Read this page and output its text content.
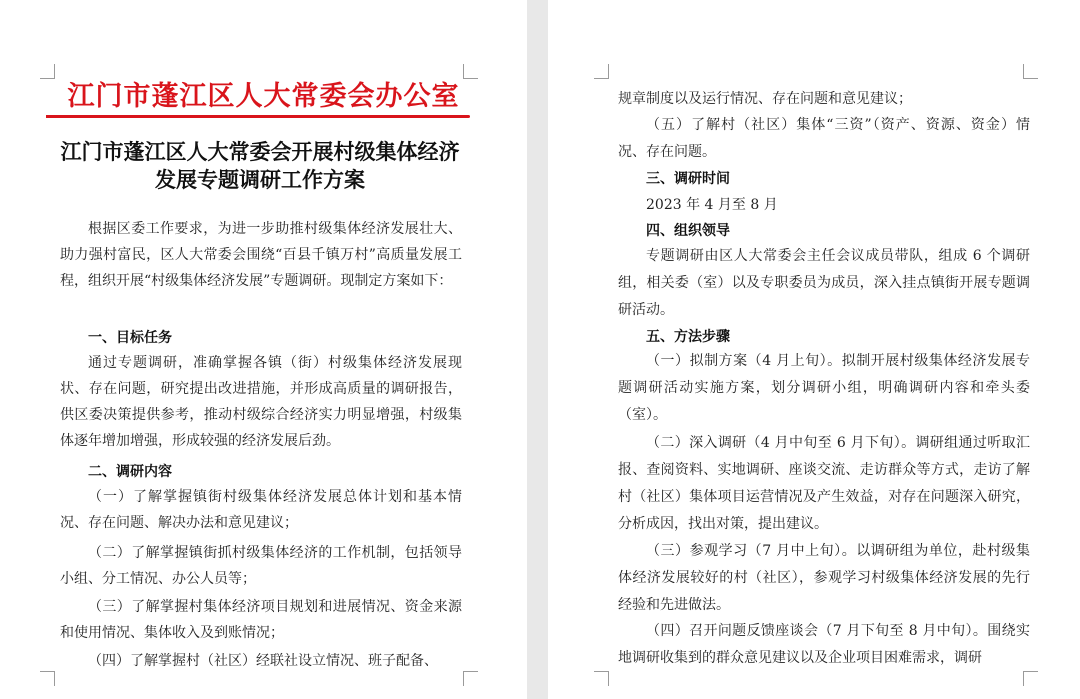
江门市蓬江区人大常委会办公室
江门市蓬江区人大常委会开展村级集体经济
发展专题调研工作方案
根据区委工作要求，为进一步助推村级集体经济发展壮大、助力强村富民，区人大常委会围绕“百县千镇万村”高质量发展工程，组织开展“村级集体经济发展”专题调研。现制定方案如下：
一、目标任务
通过专题调研，准确掌握各镇（街）村级集体经济发展现状、存在问题，研究提出改进措施，并形成高质量的调研报告，供区委决策提供参考，推动村级综合经济实力明显增强，村级集体逐年增加增强，形成较强的经济发展后劲。
二、调研内容
（一）了解掌握镇街村级集体经济发展总体计划和基本情况、存在问题、解决办法和意见建议；
（二）了解掌握镇街抓村级集体经济的工作机制，包括领导小组、分工情况、办公人员等；
（三）了解掌握村集体经济项目规划和进展情况、资金来源和使用情况、集体收入及到账情况；
（四）了解掌握村（社区）经联社设立情况、班子配备、
规章制度以及运行情况、存在问题和意见建议；
（五）了解村（社区）集体“三资”（资产、资源、资金）情况、存在问题。
三、调研时间
2023 年 4 月至 8 月
四、组织领导
专题调研由区人大常委会主任会议成员带队，组成 6 个调研组，相关委（室）以及专职委员为成员，深入挂点镇街开展专题调研活动。
五、方法步骤
（一）拟制方案（4 月上旬）。拟制开展村级集体经济发展专题调研活动实施方案，划分调研小组，明确调研内容和牵头委（室）。
（二）深入调研（4 月中旬至 6 月下旬）。调研组通过听取汇报、查阅资料、实地调研、座谈交流、走访群众等方式，走访了解村（社区）集体项目运营情况及产生效益，对存在问题深入研究，分析成因，找出对策，提出建议。
（三）参观学习（7 月中上旬）。以调研组为单位，赴村级集体经济发展较好的村（社区），参观学习村级集体经济发展的先行经验和先进做法。
（四）召开问题反馈座谈会（7 月下旬至 8 月中旬）。围绕实地调研收集到的群众意见建议以及企业项目困难需求，调研
